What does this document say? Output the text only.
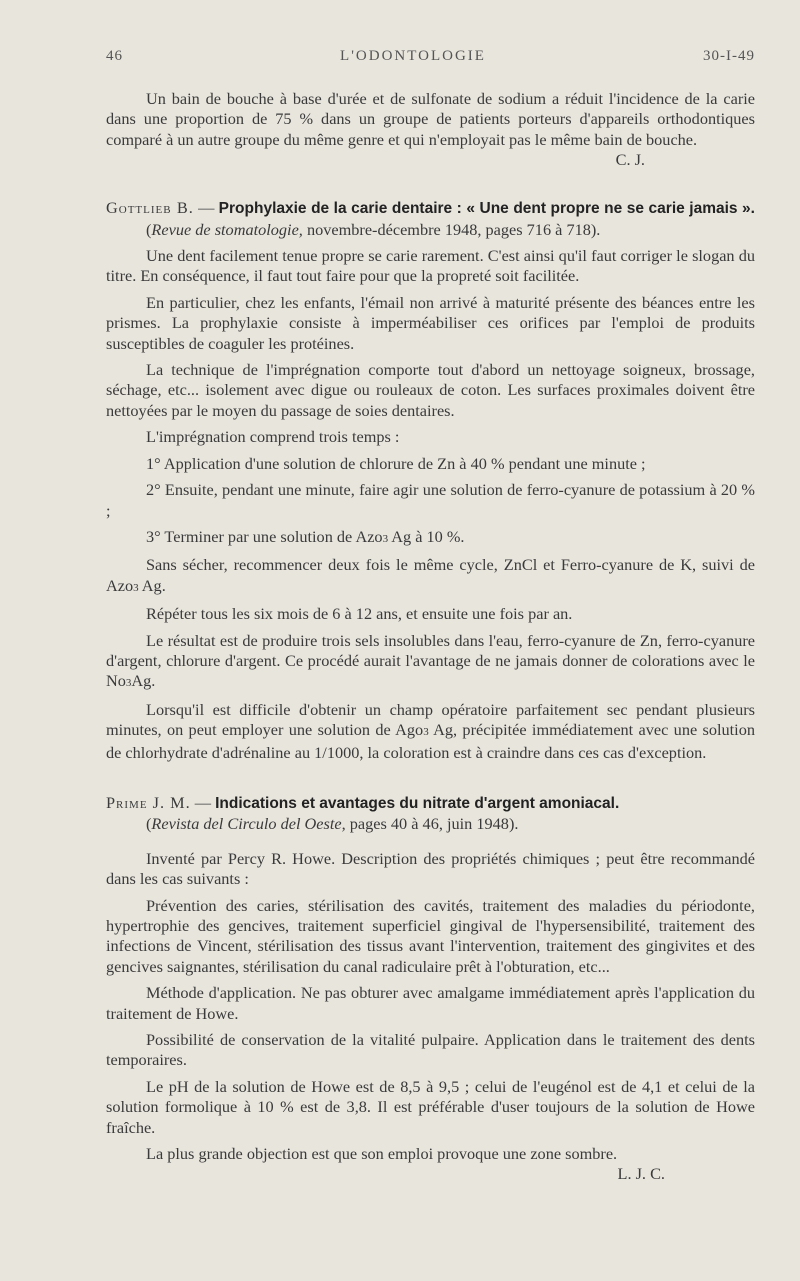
46	L'ODONTOLOGIE	30-I-49

Un bain de bouche à base d'urée et de sulfonate de sodium a réduit l'incidence de la carie dans une proportion de 75 % dans un groupe de patients porteurs d'appareils orthodontiques comparé à un autre groupe du même genre et qui n'employait pas le même bain de bouche.

C. J.

Gottlieb B. — Prophylaxie de la carie dentaire : « Une dent propre ne se carie jamais ». (Revue de stomatologie, novembre-décembre 1948, pages 716 à 718).

Une dent facilement tenue propre se carie rarement. C'est ainsi qu'il faut corriger le slogan du titre. En conséquence, il faut tout faire pour que la propreté soit facilitée.

En particulier, chez les enfants, l'émail non arrivé à maturité présente des béances entre les prismes. La prophylaxie consiste à imperméabiliser ces orifices par l'emploi de produits susceptibles de coaguler les protéines.

La technique de l'imprégnation comporte tout d'abord un nettoyage soigneux, brossage, séchage, etc... isolement avec digue ou rouleaux de coton. Les surfaces proximales doivent être nettoyées par le moyen du passage de soies dentaires.

L'imprégnation comprend trois temps :

1° Application d'une solution de chlorure de Zn à 40 % pendant une minute ;

2° Ensuite, pendant une minute, faire agir une solution de ferro-cyanure de potassium à 20 % ;

3° Terminer par une solution de Azo3 Ag à 10 %.

Sans sécher, recommencer deux fois le même cycle, ZnCl et Ferro-cyanure de K, suivi de Azo3 Ag.

Répéter tous les six mois de 6 à 12 ans, et ensuite une fois par an.

Le résultat est de produire trois sels insolubles dans l'eau, ferro-cyanure de Zn, ferro-cyanure d'argent, chlorure d'argent. Ce procédé aurait l'avantage de ne jamais donner de colorations avec le No3Ag.

Lorsqu'il est difficile d'obtenir un champ opératoire parfaitement sec pendant plusieurs minutes, on peut employer une solution de Ago3 Ag, précipitée immédiatement avec une solution de chlorhydrate d'adrénaline au 1/1000, la coloration est à craindre dans ces cas d'exception.

Prime J. M. — Indications et avantages du nitrate d'argent amoniacal.
(Revista del Circulo del Oeste, pages 40 à 46, juin 1948).

Inventé par Percy R. Howe. Description des propriétés chimiques ; peut être recommandé dans les cas suivants :

Prévention des caries, stérilisation des cavités, traitement des maladies du périodonte, hypertrophie des gencives, traitement superficiel gingival de l'hypersensibilité, traitement des infections de Vincent, stérilisation des tissus avant l'intervention, traitement des gingivites et des gencives saignantes, stérilisation du canal radiculaire prêt à l'obturation, etc...

Méthode d'application. Ne pas obturer avec amalgame immédiatement après l'application du traitement de Howe.

Possibilité de conservation de la vitalité pulpaire. Application dans le traitement des dents temporaires.

Le pH de la solution de Howe est de 8,5 à 9,5 ; celui de l'eugénol est de 4,1 et celui de la solution formolique à 10 % est de 3,8. Il est préférable d'user toujours de la solution de Howe fraîche.

La plus grande objection est que son emploi provoque une zone sombre.

L. J. C.
